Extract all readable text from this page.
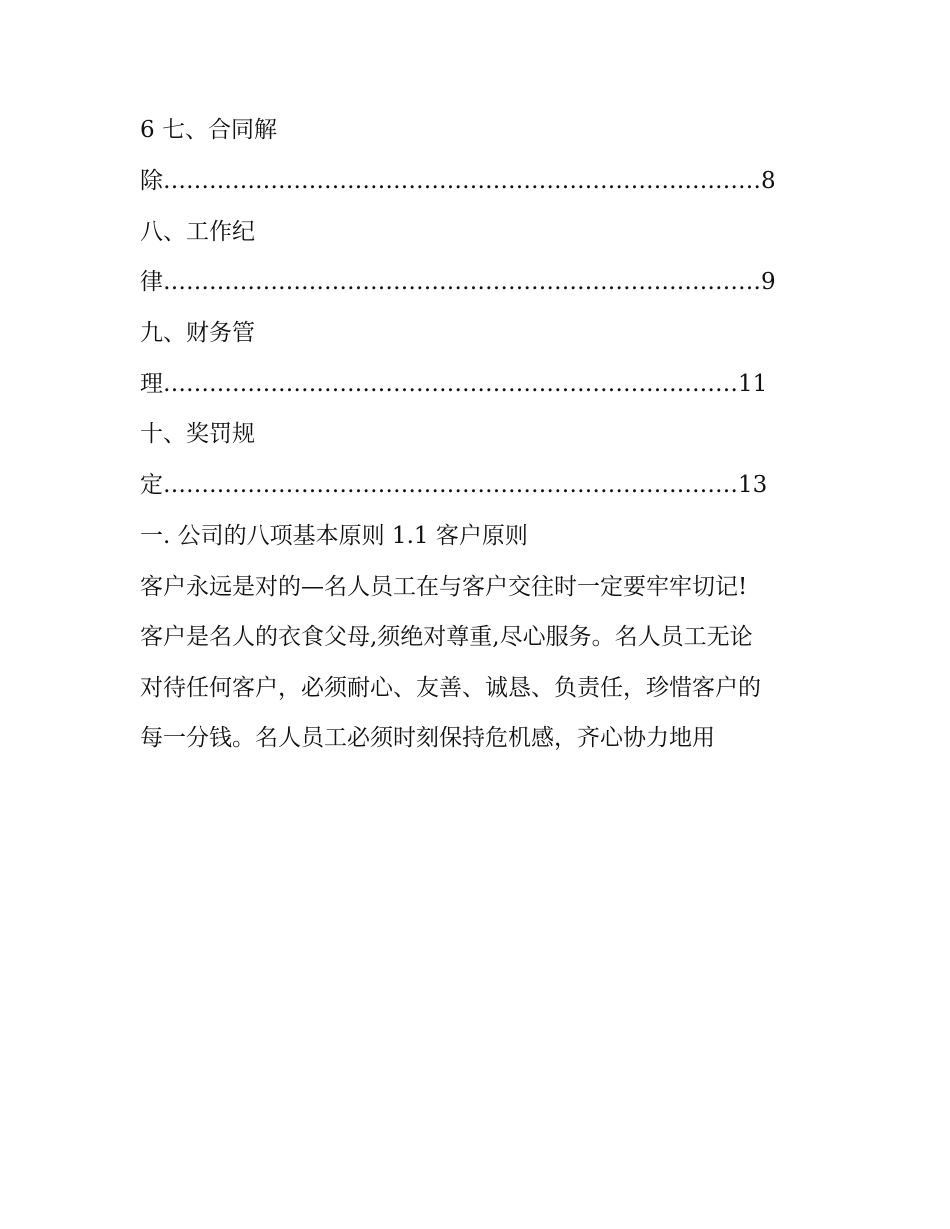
6 七、合同解
除 …………………………………………………………………… 8
八、工作纪
律 …………………………………………………………………… 9
九、财务管
理 ………………………………………………………………… 11
十、奖罚规
定 ………………………………………………………………… 13
一. 公司的八项基本原则 1.1 客户原则
客户永远是对的—名人员工在与客户交往时一定要牢牢切记!
客户是名人的衣食父母,须绝对尊重,尽心服务。名人员工无论
对待任何客户，必须耐心、友善、诚恳、负责任，珍惜客户的
每一分钱。名人员工必须时刻保持危机感，齐心协力地用
